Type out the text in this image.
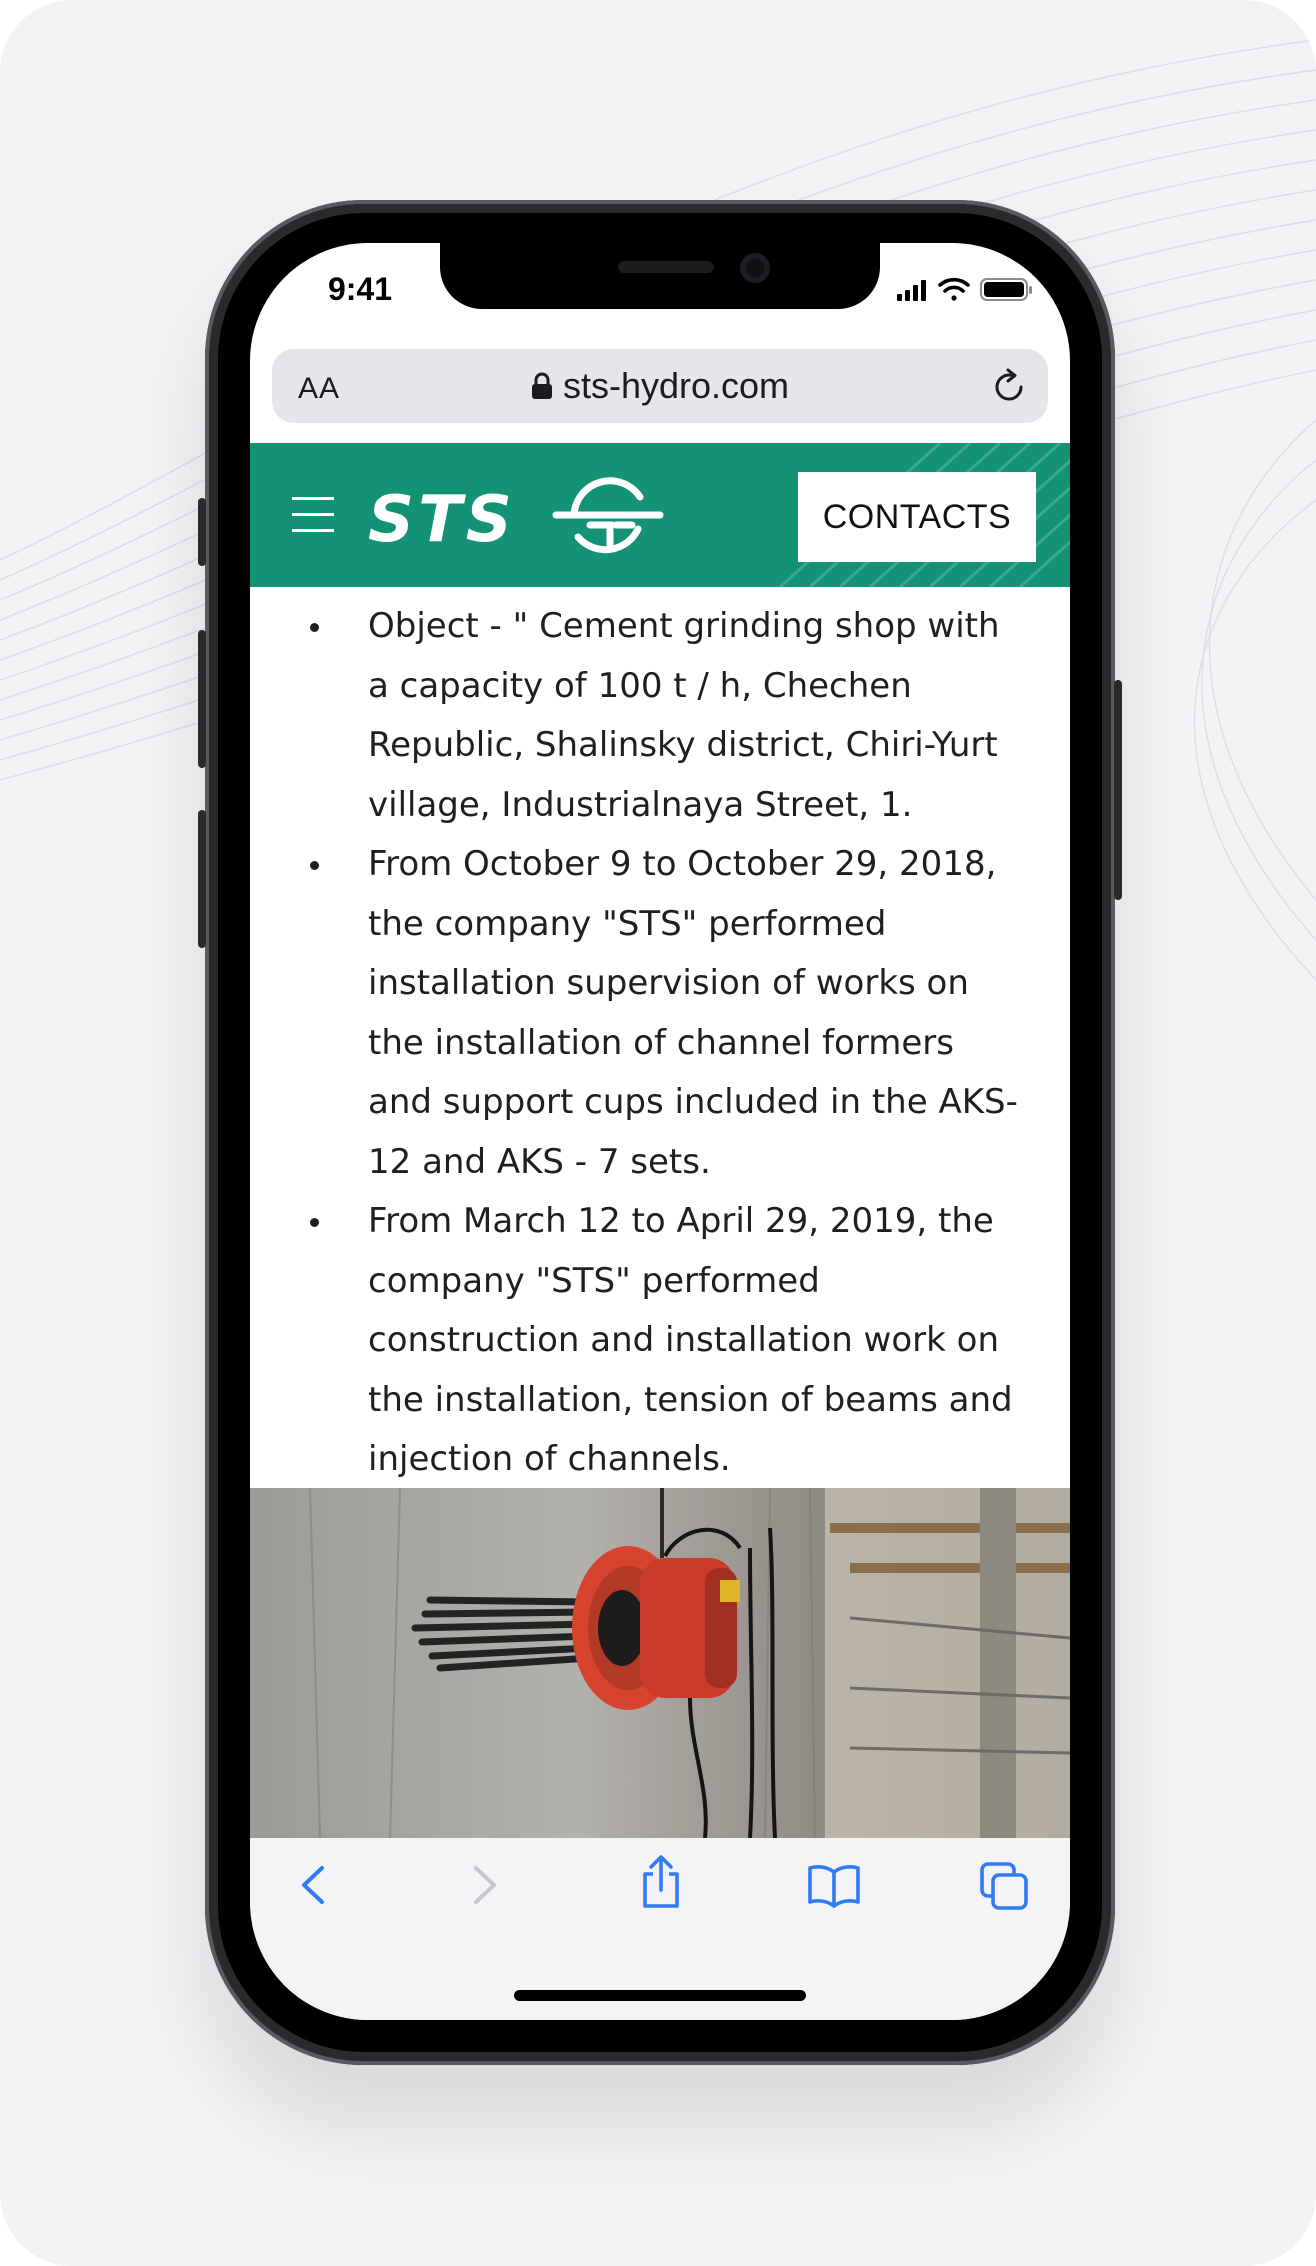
9:41
sts-hydro.com
AA
STS	CONTACTS
Object - " Cement grinding shop with a capacity of 100 t / h, Chechen Republic, Shalinsky district, Chiri-Yurt village, Industrialnaya Street, 1.
From October 9 to October 29, 2018, the company "STS" performed installation supervision of works on the installation of channel formers and support cups included in the AKS-12 and AKS - 7 sets.
From March 12 to April 29, 2019, the company "STS" performed construction and installation work on the installation, tension of beams and injection of channels.
